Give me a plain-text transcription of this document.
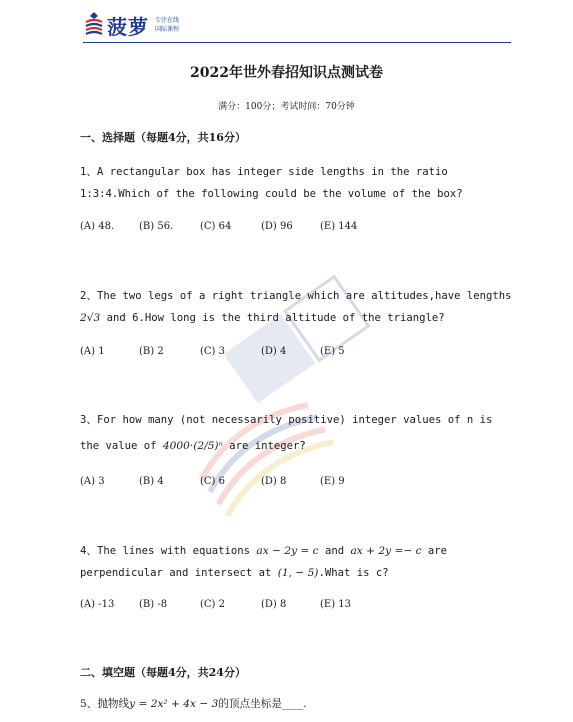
菠萝 专注在线
国际课程
2022年世外春招知识点测试卷
满分：100分；考试时间：70分钟
一、选择题（每题4分，共16分）
1、A rectangular box has integer side lengths in the ratio
1:3:4.Which of the following could be the volume of the box?
(A) 48.	(B) 56.	(C) 64	(D) 96	(E) 144
2、The two legs of a right triangle which are altitudes,have lengths
2√3 and 6.How long is the third altitude of the triangle?
(A) 1	(B) 2	(C) 3	(D) 4	(E) 5
3、For how many (not necessarily positive) integer values of n is
the value of 4000·(2/5)ⁿ are integer?
(A) 3	(B) 4	(C) 6	(D) 8	(E) 9
4、The lines with equations ax − 2y = c and ax + 2y =− c are
perpendicular and intersect at (1, − 5).What is c?
(A) -13	(B) -8	(C) 2	(D) 8	(E) 13
二、填空题（每题4分，共24分）
5、抛物线y = 2x² + 4x − 3的顶点坐标是____.
